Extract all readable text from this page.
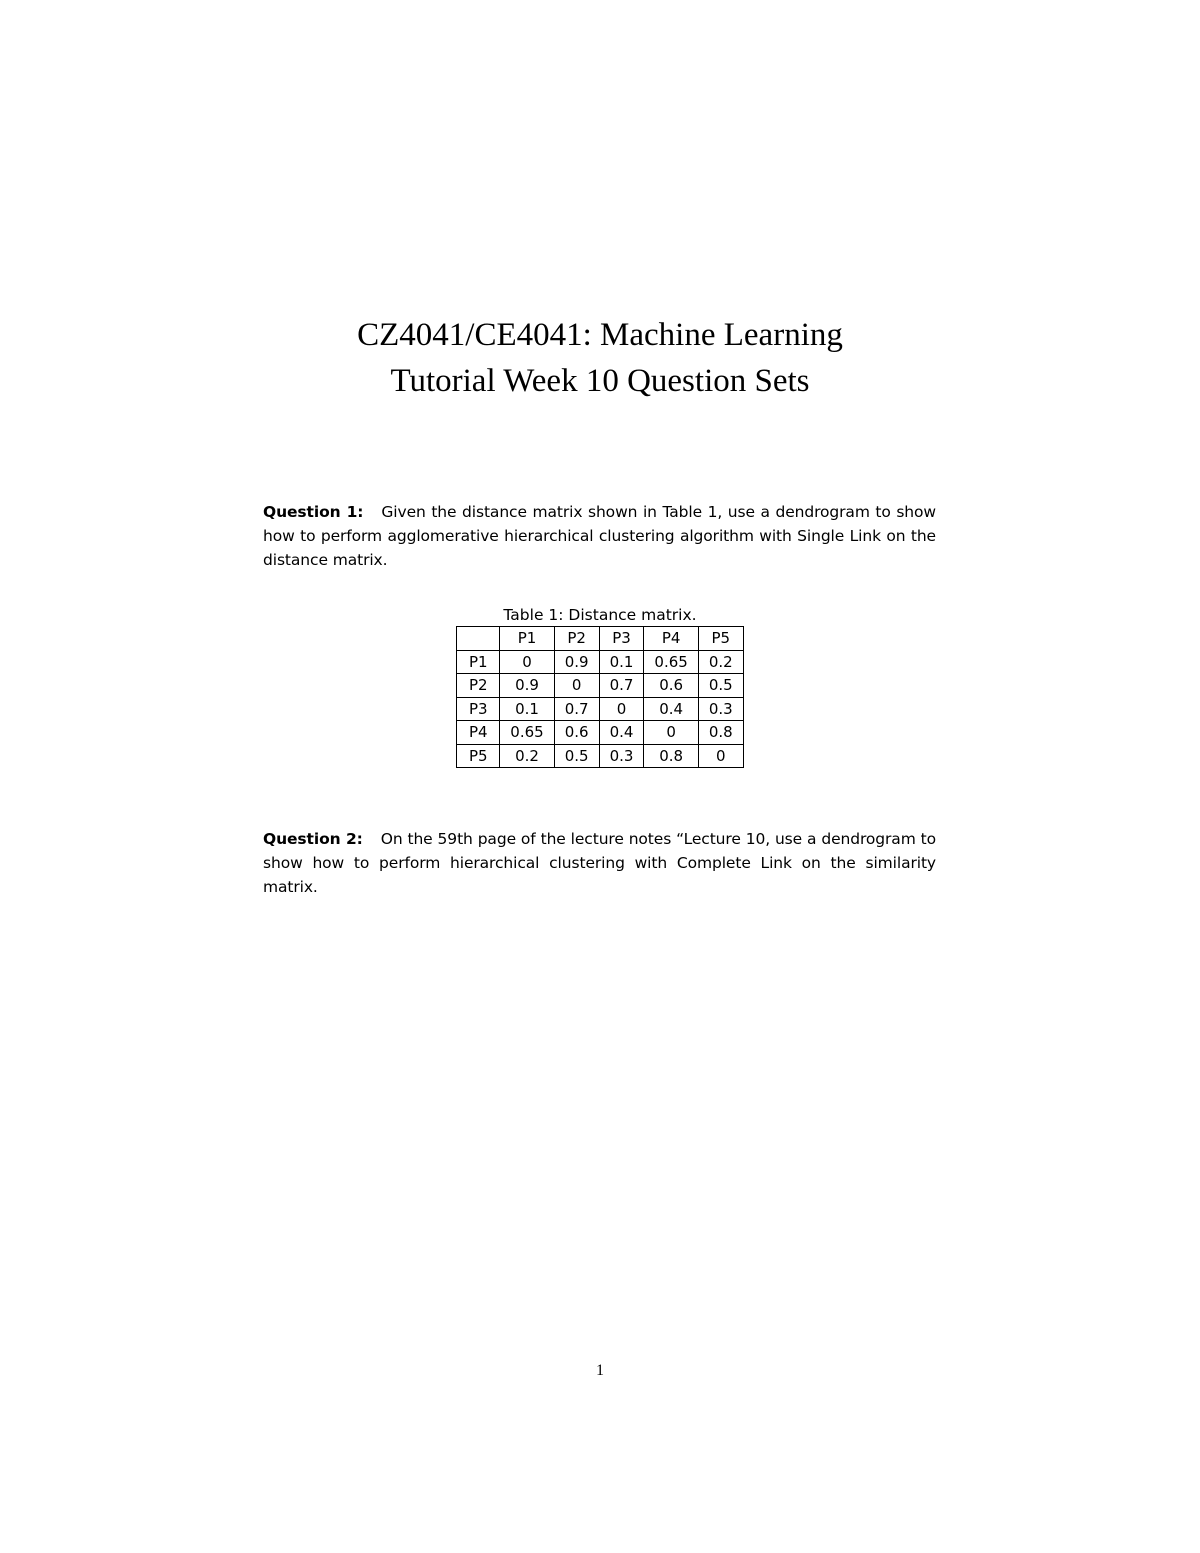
CZ4041/CE4041: Machine Learning
Tutorial Week 10 Question Sets
Question 1: Given the distance matrix shown in Table 1, use a dendrogram to show how to perform agglomerative hierarchical clustering algorithm with Single Link on the distance matrix.
Table 1: Distance matrix.
	P1	P2	P3	P4	P5
P1	0	0.9	0.1	0.65	0.2
P2	0.9	0	0.7	0.6	0.5
P3	0.1	0.7	0	0.4	0.3
P4	0.65	0.6	0.4	0	0.8
P5	0.2	0.5	0.3	0.8	0
Question 2: On the 59th page of the lecture notes “Lecture 10, use a dendrogram to show how to perform hierarchical clustering with Complete Link on the similarity matrix.
1
